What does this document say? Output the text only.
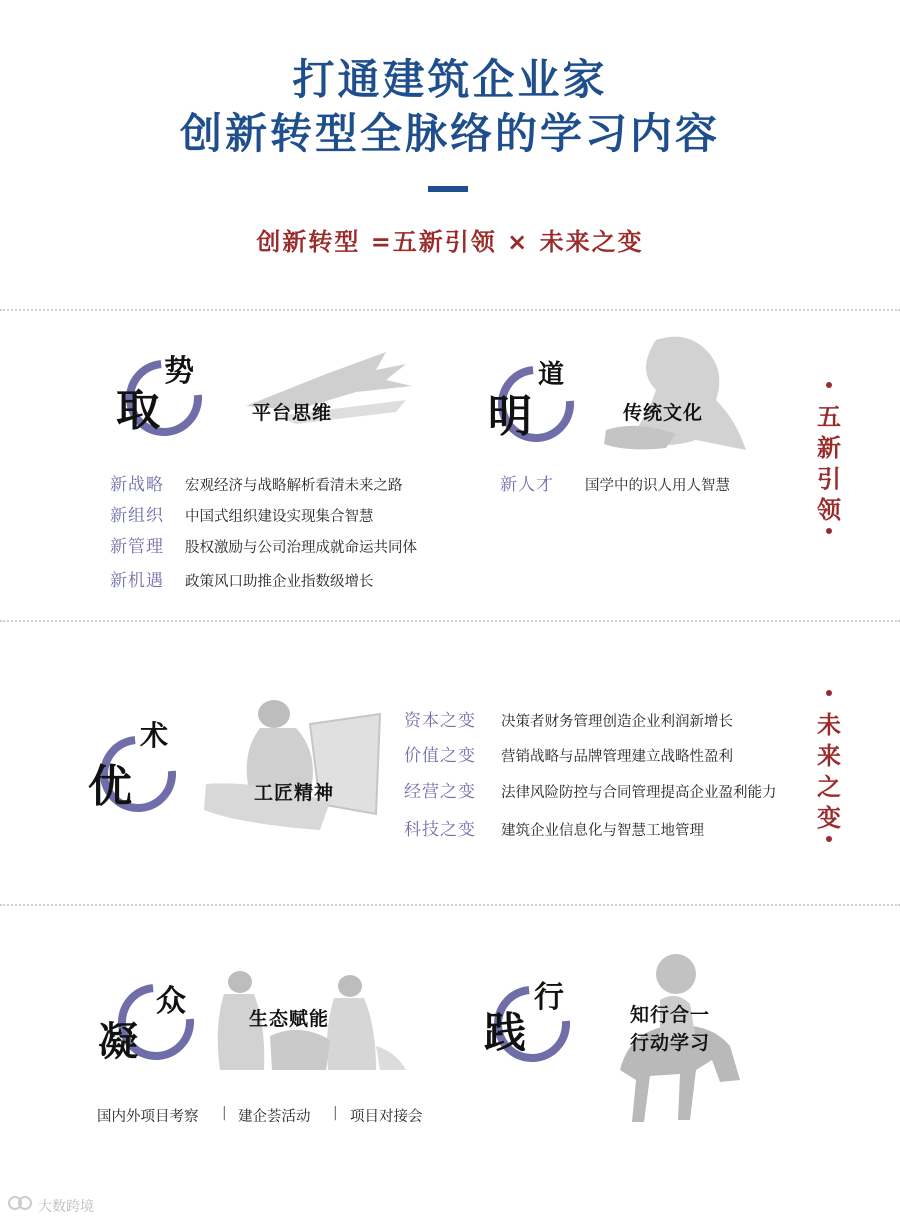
打通建筑企业家
创新转型全脉络的学习内容
创新转型 =五新引领 × 未来之变
五
新
引
领
取
势
平台思维
新战略 宏观经济与战略解析看清未来之路
新组织 中国式组织建设实现集合智慧
新管理 股权激励与公司治理成就命运共同体
新机遇 政策风口助推企业指数级增长
明
道
传统文化
新人才 国学中的识人用人智慧
未
来
之
变
优
术
工匠精神
资本之变 决策者财务管理创造企业利润新增长
价值之变 营销战略与品牌管理建立战略性盈利
经营之变 法律风险防控与合同管理提高企业盈利能力
科技之变 建筑企业信息化与智慧工地管理
凝
众	生态赋能
国内外项目考察 | 建企荟活动 | 项目对接会
践
行	知行合一
行动学习
大数跨境
